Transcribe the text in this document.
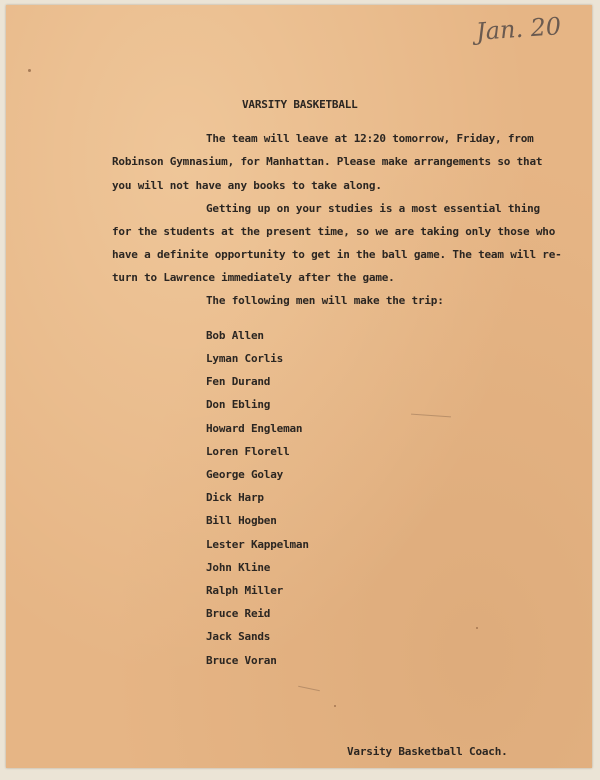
Jan. 20
VARSITY BASKETBALL
The team will leave at 12:20 tomorrow, Friday, from
Robinson Gymnasium, for Manhattan. Please make arrangements so that
you will not have any books to take along.
Getting up on your studies is a most essential thing
for the students at the present time, so we are taking only those who
have a definite opportunity to get in the ball game. The team will re-
turn to Lawrence immediately after the game.
The following men will make the trip:
Bob Allen
Lyman Corlis
Fen Durand
Don Ebling
Howard Engleman
Loren Florell
George Golay
Dick Harp
Bill Hogben
Lester Kappelman
John Kline
Ralph Miller
Bruce Reid
Jack Sands
Bruce Voran
Varsity Basketball Coach.
